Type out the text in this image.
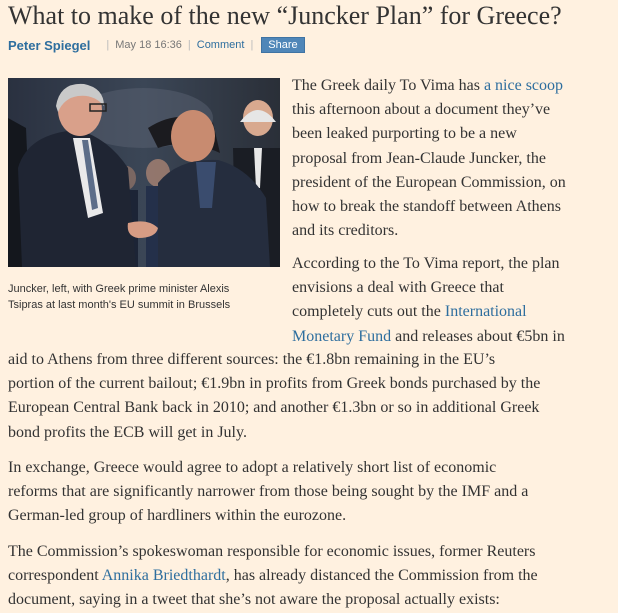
What to make of the new “Juncker Plan” for Greece?
Peter Spiegel | May 18 16:36 | Comment |	Share
Juncker, left, with Greek prime minister Alexis
Tsipras at last month's EU summit in Brussels
The Greek daily To Vima has a nice scoop
this afternoon about a document they’ve
been leaked purporting to be a new
proposal from Jean-Claude Juncker, the
president of the European Commission, on
how to break the standoff between Athens
and its creditors.
According to the To Vima report, the plan
envisions a deal with Greece that
completely cuts out the International
Monetary Fund and releases about €5bn in
aid to Athens from three different sources: the €1.8bn remaining in the EU’s
portion of the current bailout; €1.9bn in profits from Greek bonds purchased by the
European Central Bank back in 2010; and another €1.3bn or so in additional Greek
bond profits the ECB will get in July.
In exchange, Greece would agree to adopt a relatively short list of economic
reforms that are significantly narrower from those being sought by the IMF and a
German-led group of hardliners within the eurozone.
The Commission’s spokeswoman responsible for economic issues, former Reuters
correspondent Annika Briedthardt, has already distanced the Commission from the
document, saying in a tweet that she’s not aware the proposal actually exists:
